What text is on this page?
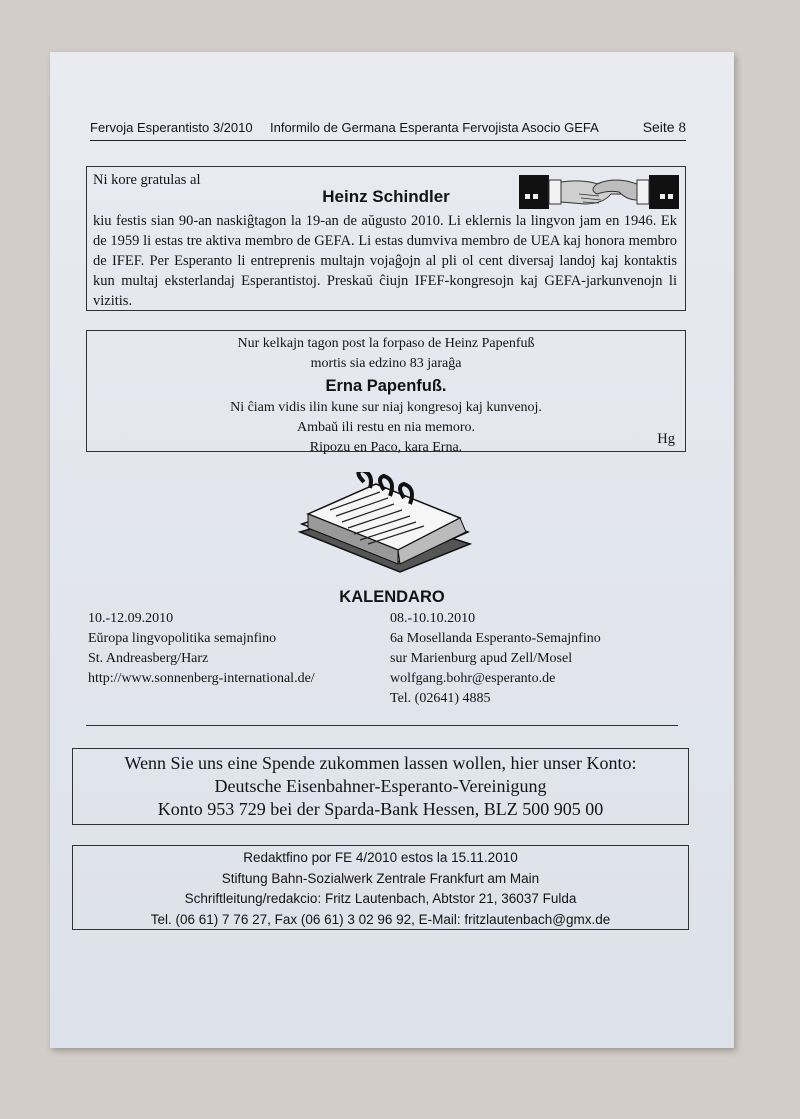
Fervoja Esperantisto 3/2010 Informilo de Germana Esperanta Fervojista Asocio GEFA	Seite 8
Ni kore gratulas al
Heinz Schindler
kiu festis sian 90-an naskiĝtagon la 19-an de aŭgusto 2010. Li eklernis la lingvon jam en 1946. Ek de 1959 li estas tre aktiva membro de GEFA. Li estas dumviva membro de UEA kaj honora membro de IFEF. Per Esperanto li entreprenis multajn vojaĝojn al pli ol cent diversaj landoj kaj kontaktis kun multaj eksterlandaj Esperantistoj. Preskaŭ ĉiujn IFEF-kongresojn kaj GEFA-jarkunvenojn li vizitis.
Nur kelkajn tagon post la forpaso de Heinz Papenfuß
mortis sia edzino 83 jaraĝa
Erna Papenfuß.
Ni ĉiam vidis ilin kune sur niaj kongresoj kaj kunvenoj.
Ambaŭ ili restu en nia memoro.
Ripozu en Paco, kara Erna.
Hg
KALENDARO
10.-12.09.2010
Eŭropa lingvopolitika semajnfino
St. Andreasberg/Harz
http://www.sonnenberg-international.de/
08.-10.10.2010
6a Mosellanda Esperanto-Semajnfino
sur Marienburg apud Zell/Mosel
wolfgang.bohr@esperanto.de
Tel. (02641) 4885
Wenn Sie uns eine Spende zukommen lassen wollen, hier unser Konto:
Deutsche Eisenbahner-Esperanto-Vereinigung
Konto 953 729 bei der Sparda-Bank Hessen, BLZ 500 905 00
Redaktfino por FE 4/2010 estos la 15.11.2010
Stiftung Bahn-Sozialwerk Zentrale Frankfurt am Main
Schriftleitung/redakcio: Fritz Lautenbach, Abtstor 21, 36037 Fulda
Tel. (06 61) 7 76 27, Fax (06 61) 3 02 96 92, E-Mail: fritzlautenbach@gmx.de
